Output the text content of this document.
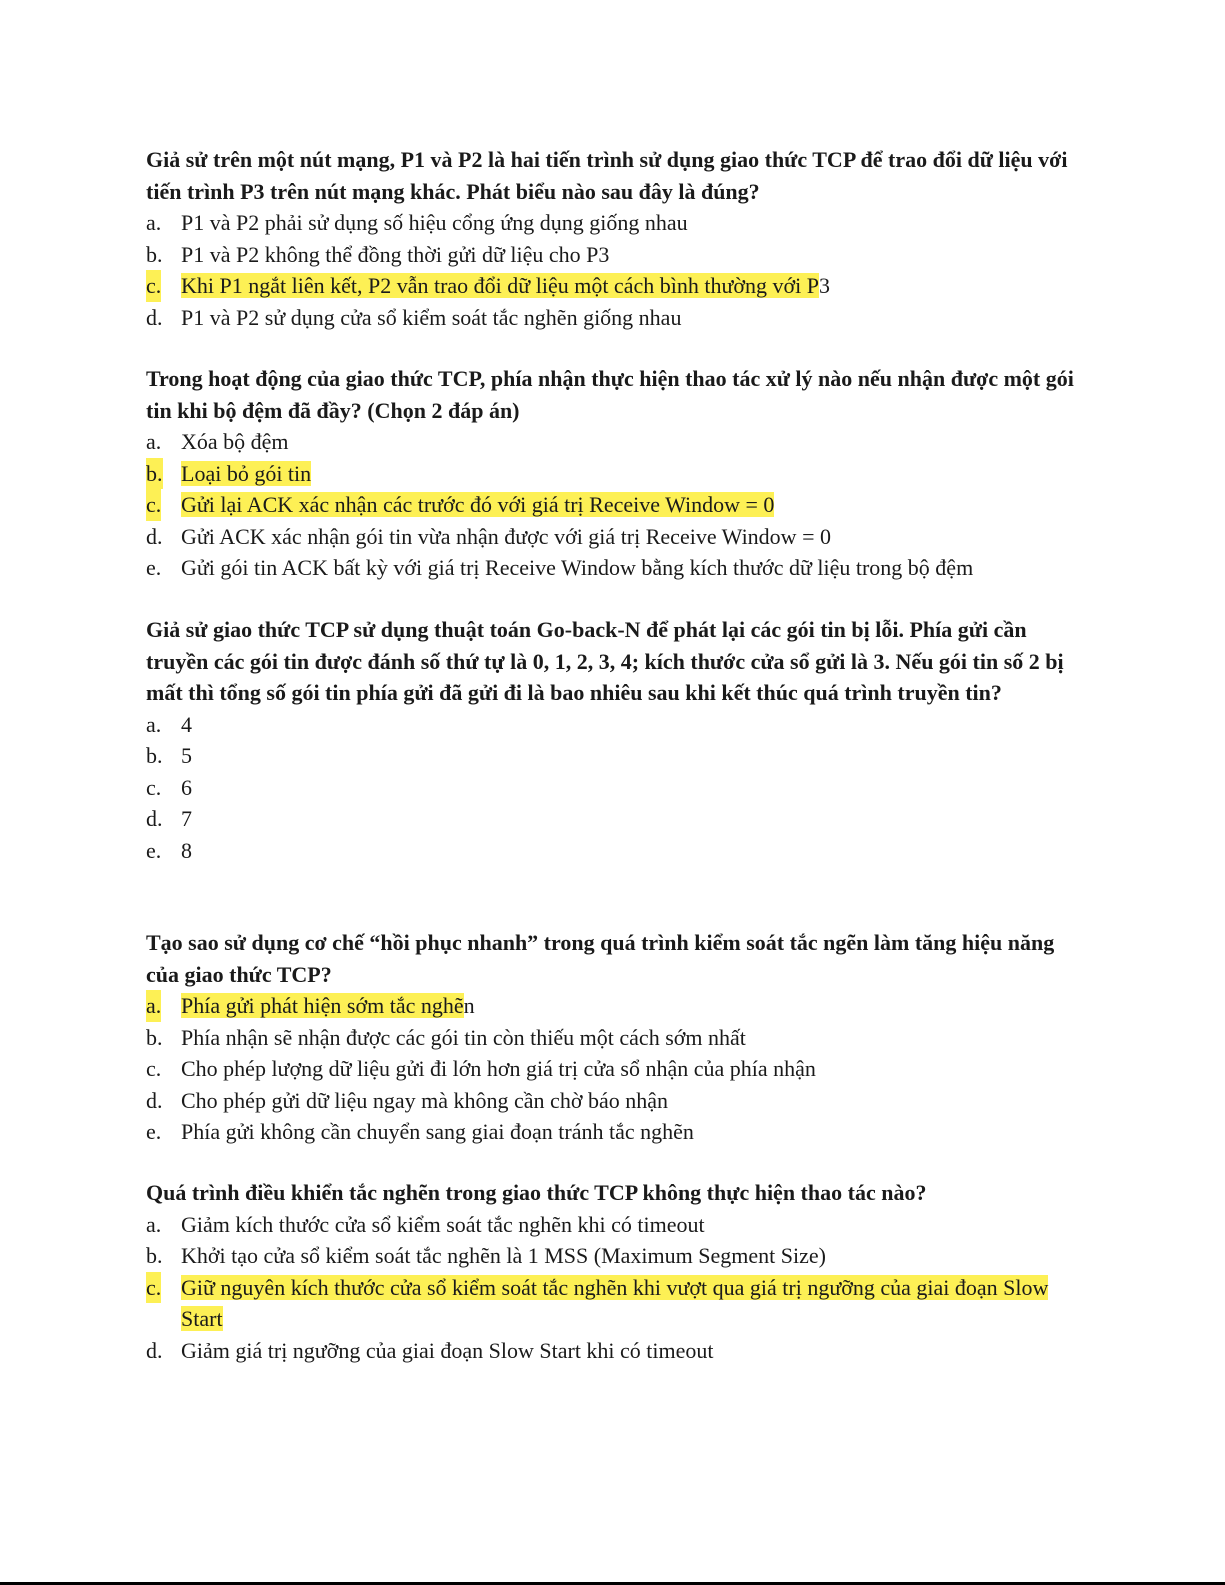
Giả sử trên một nút mạng, P1 và P2 là hai tiến trình sử dụng giao thức TCP để trao đổi dữ liệu với tiến trình P3 trên nút mạng khác. Phát biểu nào sau đây là đúng?

a. P1 và P2 phải sử dụng số hiệu cổng ứng dụng giống nhau
b. P1 và P2 không thể đồng thời gửi dữ liệu cho P3
c. Khi P1 ngắt liên kết, P2 vẫn trao đổi dữ liệu một cách bình thường với P3
d. P1 và P2 sử dụng cửa sổ kiểm soát tắc nghẽn giống nhau

Trong hoạt động của giao thức TCP, phía nhận thực hiện thao tác xử lý nào nếu nhận được một gói tin khi bộ đệm đã đầy? (Chọn 2 đáp án)

a. Xóa bộ đệm
b. Loại bỏ gói tin
c. Gửi lại ACK xác nhận các trước đó với giá trị Receive Window = 0
d. Gửi ACK xác nhận gói tin vừa nhận được với giá trị Receive Window = 0
e. Gửi gói tin ACK bất kỳ với giá trị Receive Window bằng kích thước dữ liệu trong bộ đệm

Giả sử giao thức TCP sử dụng thuật toán Go-back-N để phát lại các gói tin bị lỗi. Phía gửi cần truyền các gói tin được đánh số thứ tự là 0, 1, 2, 3, 4; kích thước cửa sổ gửi là 3. Nếu gói tin số 2 bị mất thì tổng số gói tin phía gửi đã gửi đi là bao nhiêu sau khi kết thúc quá trình truyền tin?

a. 4
b. 5
c. 6
d. 7
e. 8

Tạo sao sử dụng cơ chế “hồi phục nhanh” trong quá trình kiểm soát tắc ngẽn làm tăng hiệu năng của giao thức TCP?

a. Phía gửi phát hiện sớm tắc nghẽn
b. Phía nhận sẽ nhận được các gói tin còn thiếu một cách sớm nhất
c. Cho phép lượng dữ liệu gửi đi lớn hơn giá trị cửa sổ nhận của phía nhận
d. Cho phép gửi dữ liệu ngay mà không cần chờ báo nhận
e. Phía gửi không cần chuyển sang giai đoạn tránh tắc nghẽn

Quá trình điều khiển tắc nghẽn trong giao thức TCP không thực hiện thao tác nào?

a. Giảm kích thước cửa sổ kiểm soát tắc nghẽn khi có timeout
b. Khởi tạo cửa sổ kiểm soát tắc nghẽn là 1 MSS (Maximum Segment Size)
c. Giữ nguyên kích thước cửa sổ kiểm soát tắc nghẽn khi vượt qua giá trị ngưỡng của giai đoạn Slow Start
d. Giảm giá trị ngưỡng của giai đoạn Slow Start khi có timeout
